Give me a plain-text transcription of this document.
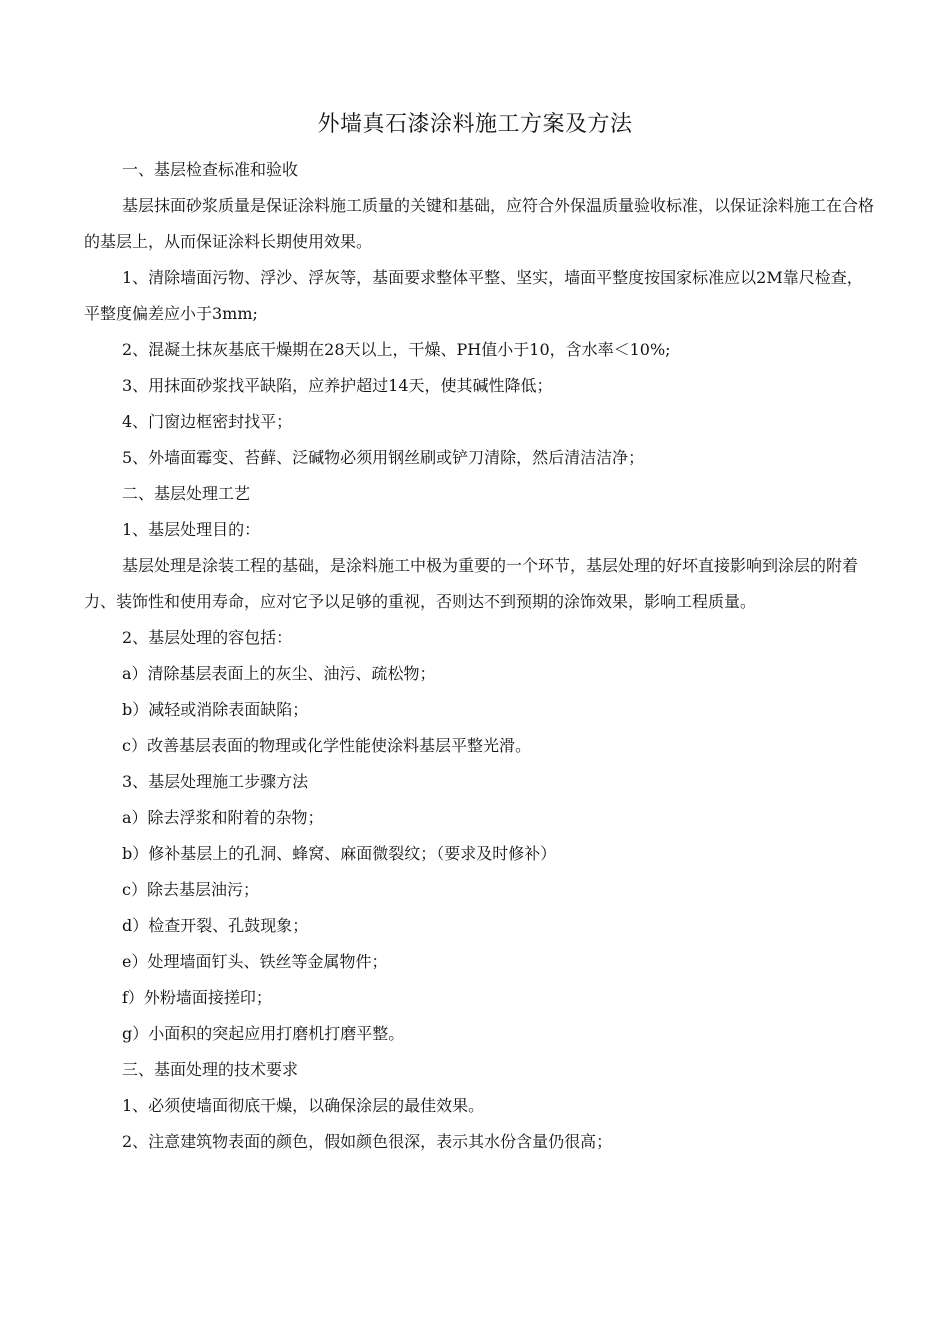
外墙真石漆涂料施工方案及方法

一、基层检查标准和验收

基层抹面砂浆质量是保证涂料施工质量的关键和基础，应符合外保温质量验收标准，以保证涂料施工在合格的基层上，从而保证涂料长期使用效果。

1、清除墙面污物、浮沙、浮灰等，基面要求整体平整、坚实，墙面平整度按国家标准应以2M靠尺检查，平整度偏差应小于3mm;

2、混凝土抹灰基底干燥期在28天以上，干燥、PH值小于10，含水率＜10%;

3、用抹面砂浆找平缺陷，应养护超过14天，使其碱性降低；

4、门窗边框密封找平；

5、外墙面霉变、苔藓、泛碱物必须用钢丝刷或铲刀清除，然后清洁洁净；

二、基层处理工艺

1、基层处理目的：

基层处理是涂装工程的基础，是涂料施工中极为重要的一个环节，基层处理的好坏直接影响到涂层的附着力、装饰性和使用寿命，应对它予以足够的重视，否则达不到预期的涂饰效果，影响工程质量。

2、基层处理的容包括：

a）清除基层表面上的灰尘、油污、疏松物；

b）减轻或消除表面缺陷；

c）改善基层表面的物理或化学性能使涂料基层平整光滑。

3、基层处理施工步骤方法

a）除去浮浆和附着的杂物；

b）修补基层上的孔洞、蜂窝、麻面微裂纹；（要求及时修补）

c）除去基层油污；

d）检查开裂、孔鼓现象；

e）处理墙面钉头、铁丝等金属物件；

f）外粉墙面接搓印；

g）小面积的突起应用打磨机打磨平整。

三、基面处理的技术要求

1、必须使墙面彻底干燥，以确保涂层的最佳效果。

2、注意建筑物表面的颜色，假如颜色很深，表示其水份含量仍很高；
